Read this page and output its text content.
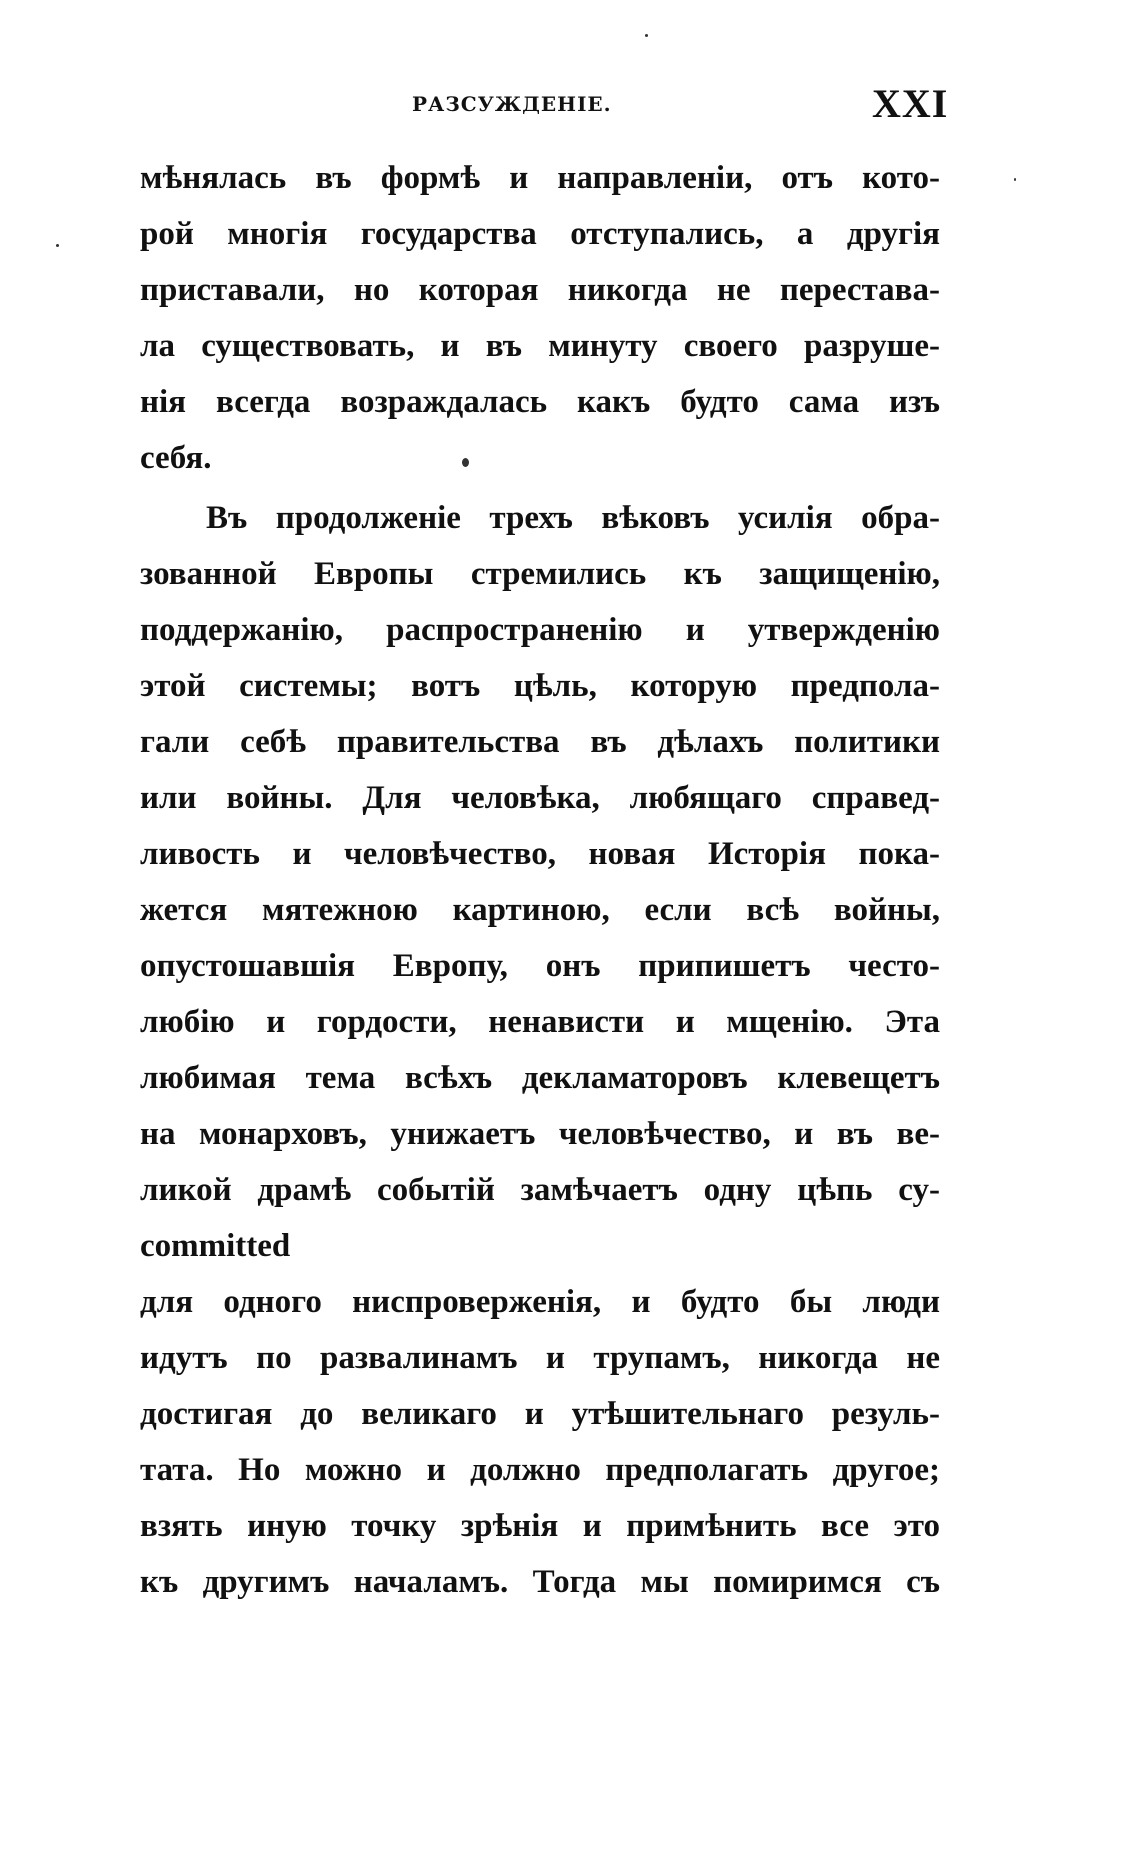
РАЗСУЖДЕНІЕ.	XXI
мѣнялась въ формѣ и направленіи, отъ кото-
рой многія государства отступались, а другія
приставали, но которая никогда не перестава-
ла существовать, и въ минуту своего разруше-
нія всегда возраждалась какъ будто сама изъ
себя.
Въ продолженіе трехъ вѣковъ усилія обра-
зованной Европы стремились къ защищенію,
поддержанію, распространенію и утвержденію
этой системы; вотъ цѣль, которую предпола-
гали себѣ правительства въ дѣлахъ политики
или войны. Для человѣка, любящаго справед-
ливость и человѣчество, новая Исторія пока-
жется мятежною картиною, если всѣ войны,
опустошавшія Европу, онъ припишетъ често-
любію и гордости, ненависти и мщенію. Эта
любимая тема всѣхъ декламаторовъ клевещетъ
на монарховъ, унижаетъ человѣчество, и въ ве-
ликой драмѣ событій замѣчаетъ одну цѣпь су-
committed
для одного ниспроверженія, и будто бы люди
идутъ по развалинамъ и трупамъ, никогда не
достигая до великаго и утѣшительнаго резуль-
тата. Но можно и должно предполагать другое;
взять иную точку зрѣнія и примѣнить все это
къ другимъ началамъ. Тогда мы помиримся съ
